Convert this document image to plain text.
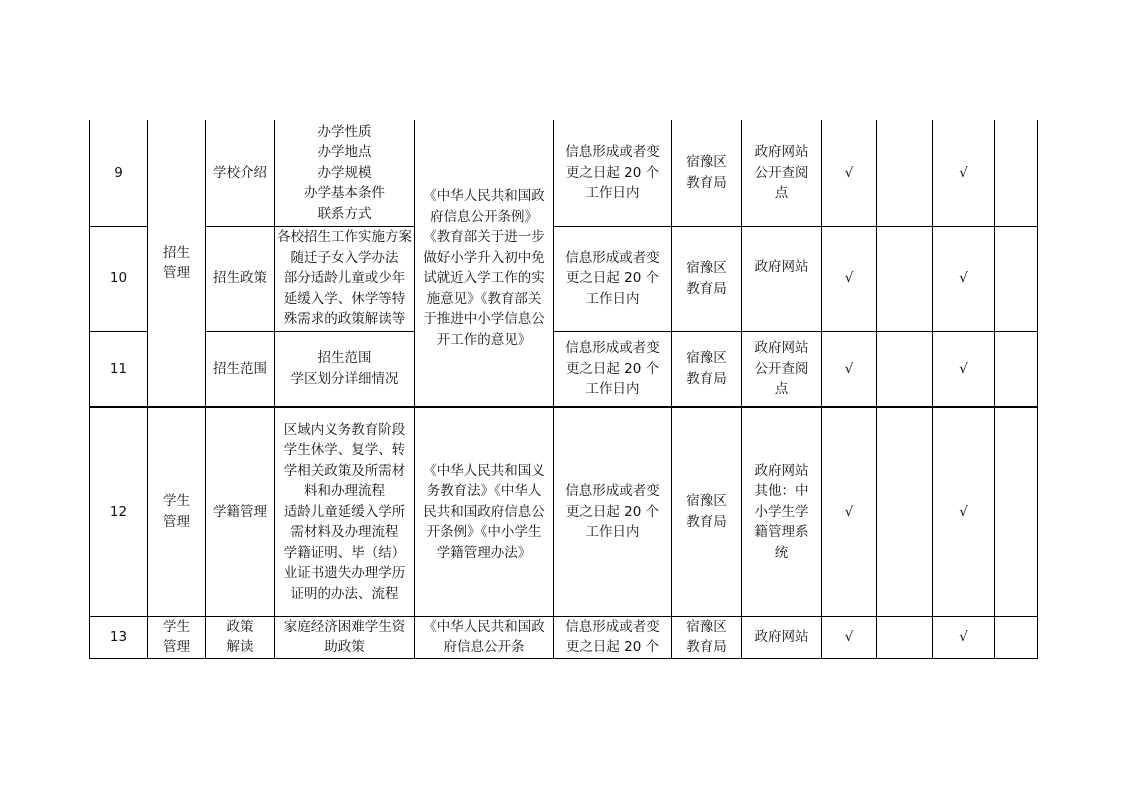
9	招生管理	学校介绍	办学性质
办学地点
办学规模
办学基本条件
联系方式	《中华人民共和国政府信息公开条例》《教育部关于进一步做好小学升入初中免试就近入学工作的实施意见》《教育部关于推进中小学信息公开工作的意见》	信息形成或者变更之日起 20 个工作日内	宿豫区教育局	政府网站公开查阅点	√		√	
10		招生政策	各校招生工作实施方案
随迁子女入学办法
部分适龄儿童或少年延缓入学、休学等特殊需求的政策解读等		信息形成或者变更之日起 20 个工作日内	宿豫区教育局	政府网站	√		√	
11		招生范围	招生范围
学区划分详细情况		信息形成或者变更之日起 20 个工作日内	宿豫区教育局	政府网站公开查阅点	√		√	
12	学生管理	学籍管理	区域内义务教育阶段学生休学、复学、转学相关政策及所需材料和办理流程
适龄儿童延缓入学所需材料及办理流程
学籍证明、毕（结）业证书遗失办理学历证明的办法、流程	《中华人民共和国义务教育法》《中华人民共和国政府信息公开条例》《中小学生学籍管理办法》	信息形成或者变更之日起 20 个工作日内	宿豫区教育局	政府网站其他：中小学生学籍管理系统	√		√	
13	学生管理	政策解读	家庭经济困难学生资助政策	《中华人民共和国政府信息公开条	信息形成或者变更之日起 20 个	宿豫区教育局	政府网站	√		√	
